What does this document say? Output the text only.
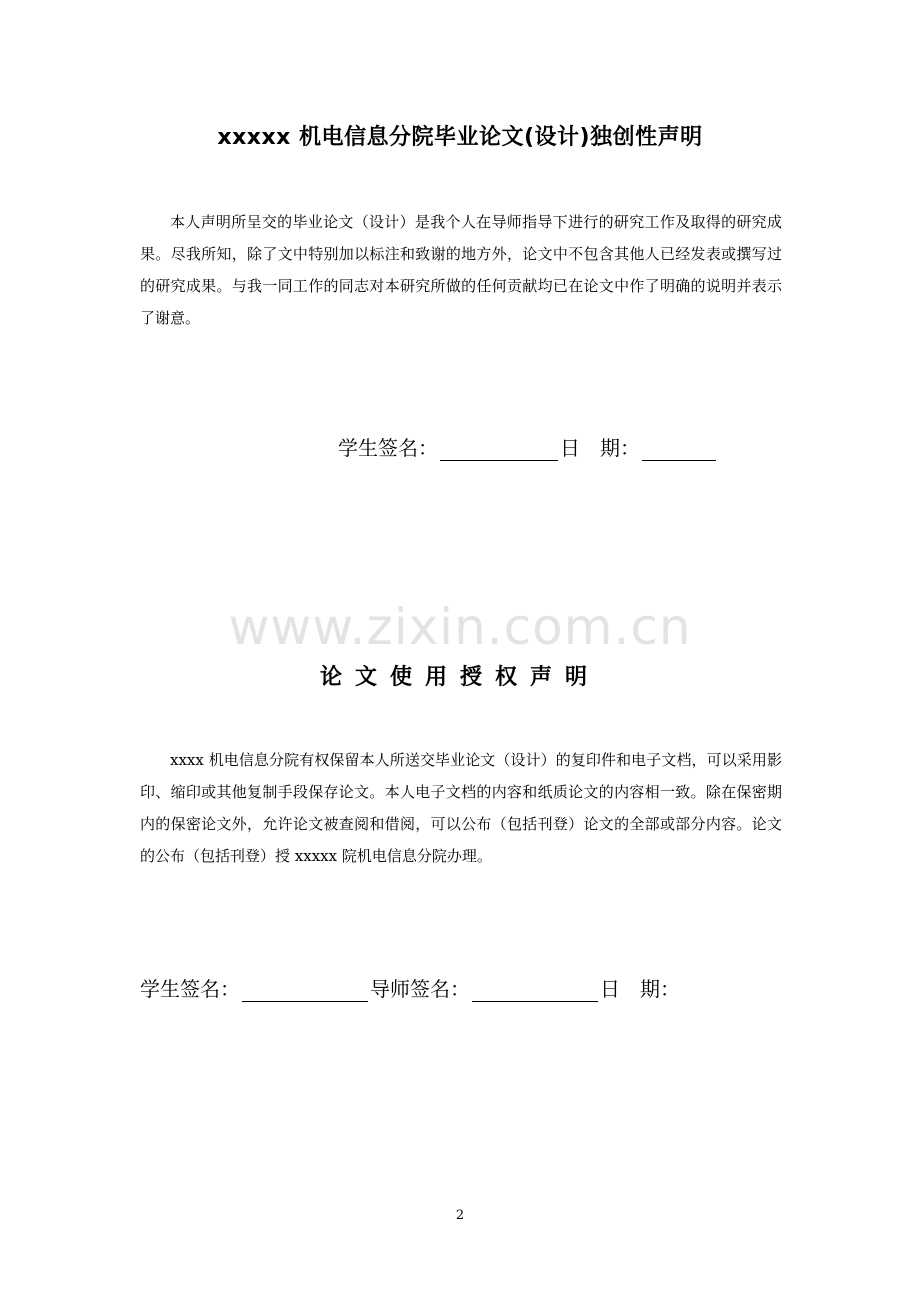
xxxxx 机电信息分院毕业论文(设计)独创性声明
本人声明所呈交的毕业论文（设计）是我个人在导师指导下进行的研究工作及取得的研究成果。尽我所知，除了文中特别加以标注和致谢的地方外，论文中不包含其他人已经发表或撰写过的研究成果。与我一同工作的同志对本研究所做的任何贡献均已在论文中作了明确的说明并表示了谢意。
学生签名：	日　期：
www.zixin.com.cn
论文使用授权声明
xxxx 机电信息分院有权保留本人所送交毕业论文（设计）的复印件和电子文档，可以采用影印、缩印或其他复制手段保存论文。本人电子文档的内容和纸质论文的内容相一致。除在保密期内的保密论文外，允许论文被查阅和借阅，可以公布（包括刊登）论文的全部或部分内容。论文的公布（包括刊登）授 xxxxx 院机电信息分院办理。
学生签名：	导师签名：	日　期：
2
